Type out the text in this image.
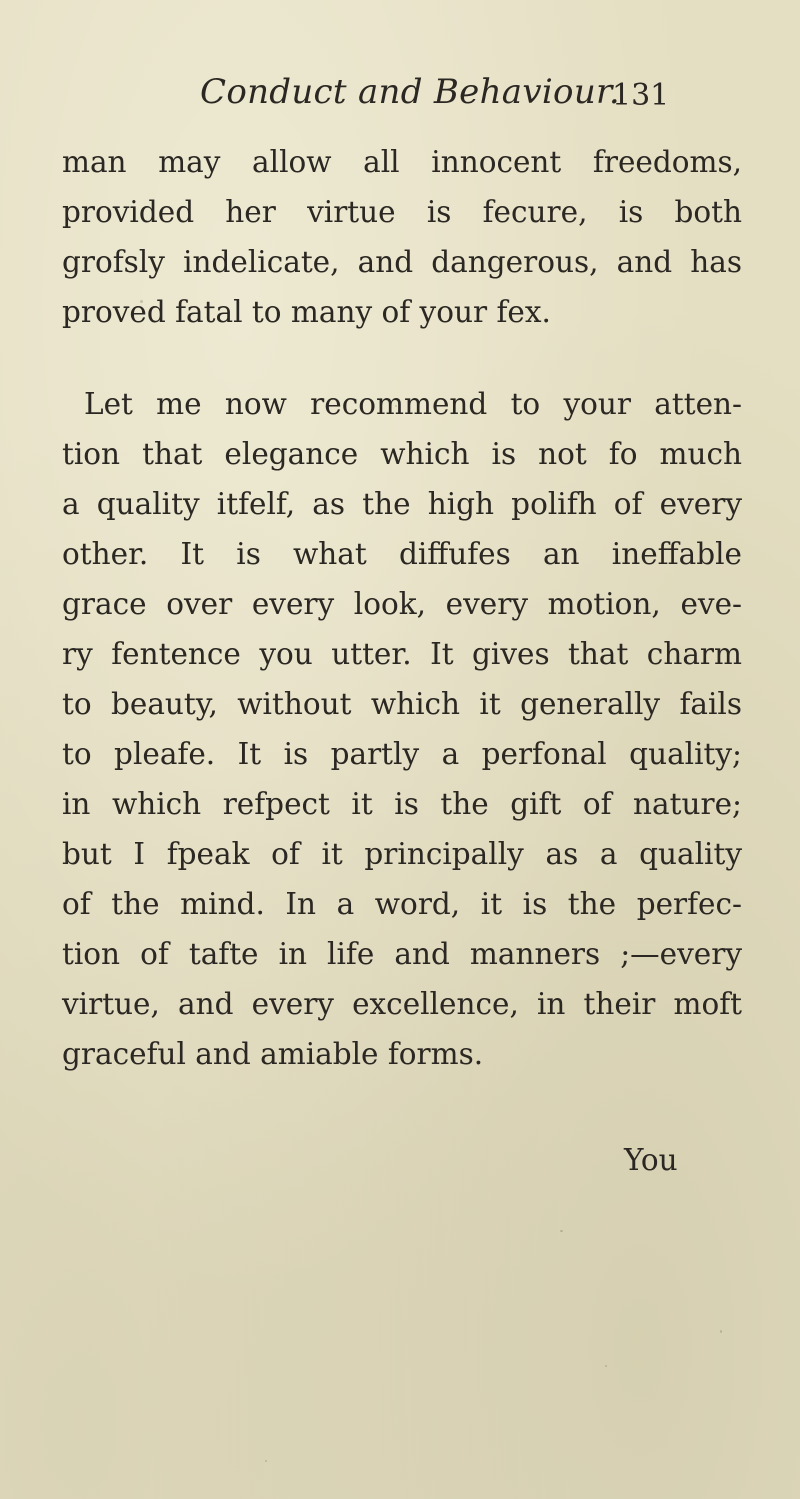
Conduct and Behaviour.
131
man may allow all innocent freedoms,
provided her virtue is fecure, is both
grofsly indelicate, and dangerous, and has
proved fatal to many of your fex.
Let me now recommend to your atten-
tion that elegance which is not fo much
a quality itfelf, as the high polifh of every
other. It is what diffufes an ineffable
grace over every look, every motion, eve-
ry fentence you utter. It gives that charm
to beauty, without which it generally fails
to pleafe. It is partly a perfonal quality;
in which refpect it is the gift of nature;
but I fpeak of it principally as a quality
of the mind. In a word, it is the perfec-
tion of tafte in life and manners ;—every
virtue, and every excellence, in their moft
graceful and amiable forms.
You
